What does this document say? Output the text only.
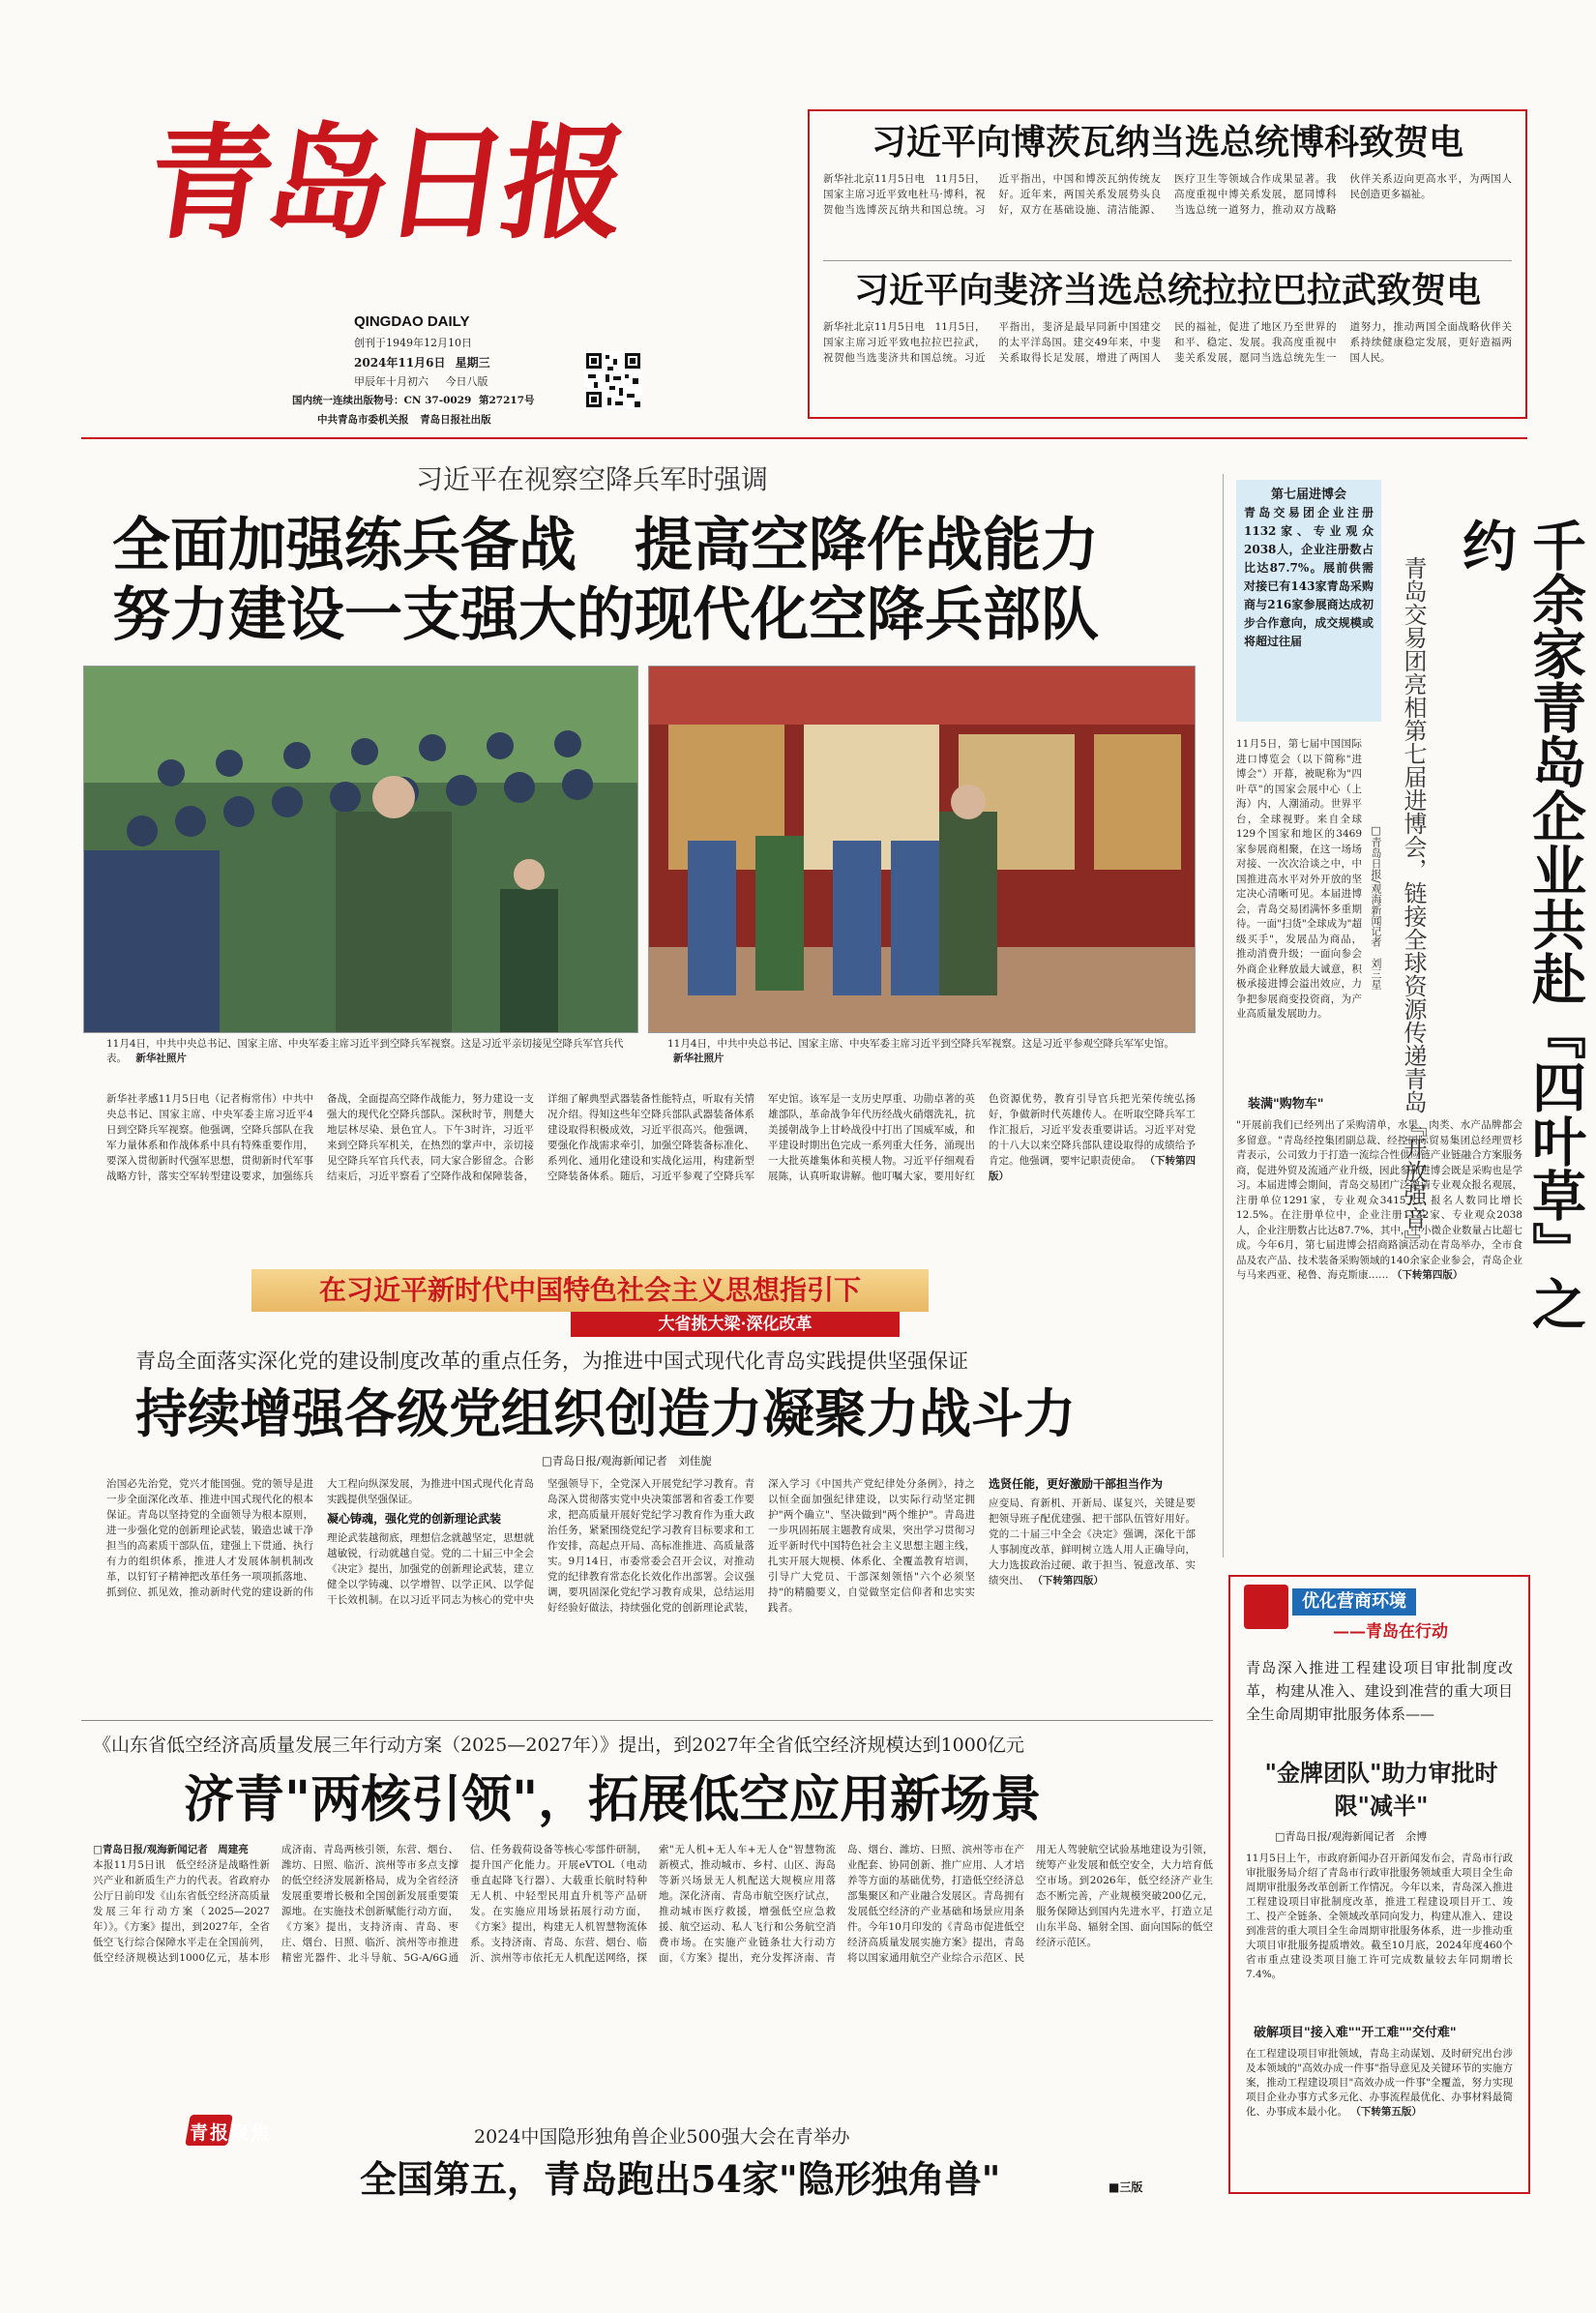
青岛日报
QINGDAO DAILY
创刊于1949年12月10日
2024年11月6日 星期三
甲辰年十月初六 今日八版
国内统一连续出版物号：CN 37-0029 第27217号
中共青岛市委机关报 青岛日报社出版
习近平向博茨瓦纳当选总统博科致贺电
新华社北京11月5日电　11月5日，国家主席习近平致电杜马·博科，祝贺他当选博茨瓦纳共和国总统。习近平指出，中国和博茨瓦纳传统友好。近年来，两国关系发展势头良好，双方在基础设施、清洁能源、医疗卫生等领域合作成果显著。我高度重视中博关系发展，愿同博科当选总统一道努力，推动双方战略伙伴关系迈向更高水平，为两国人民创造更多福祉。
习近平向斐济当选总统拉拉巴拉武致贺电
新华社北京11月5日电　11月5日，国家主席习近平致电拉拉巴拉武，祝贺他当选斐济共和国总统。习近平指出，斐济是最早同新中国建交的太平洋岛国。建交49年来，中斐关系取得长足发展，增进了两国人民的福祉，促进了地区乃至世界的和平、稳定、发展。我高度重视中斐关系发展，愿同当选总统先生一道努力，推动两国全面战略伙伴关系持续健康稳定发展，更好造福两国人民。
习近平在视察空降兵军时强调
全面加强练兵备战　提高空降作战能力
努力建设一支强大的现代化空降兵部队
11月4日，中共中央总书记、国家主席、中央军委主席习近平到空降兵军视察。这是习近平亲切接见空降兵军官兵代表。 新华社照片
11月4日，中共中央总书记、国家主席、中央军委主席习近平到空降兵军视察。这是习近平参观空降兵军军史馆。 新华社照片
新华社孝感11月5日电（记者梅常伟）中共中央总书记、国家主席、中央军委主席习近平4日到空降兵军视察。他强调，空降兵部队在我军力量体系和作战体系中具有特殊重要作用，要深入贯彻新时代强军思想，贯彻新时代军事战略方针，落实空军转型建设要求，加强练兵备战，全面提高空降作战能力，努力建设一支强大的现代化空降兵部队。深秋时节，荆楚大地层林尽染、景色宜人。下午3时许，习近平来到空降兵军机关，在热烈的掌声中，亲切接见空降兵军官兵代表，同大家合影留念。合影结束后，习近平察看了空降作战和保障装备，详细了解典型武器装备性能特点，听取有关情况介绍。得知这些年空降兵部队武器装备体系建设取得积极成效，习近平很高兴。他强调，要强化作战需求牵引，加强空降装备标准化、系列化、通用化建设和实战化运用，构建新型空降装备体系。随后，习近平参观了空降兵军军史馆。该军是一支历史厚重、功勋卓著的英雄部队，革命战争年代历经战火硝烟洗礼，抗美援朝战争上甘岭战役中打出了国威军威，和平建设时期出色完成一系列重大任务，涌现出一大批英雄集体和英模人物。习近平仔细观看展陈，认真听取讲解。他叮嘱大家，要用好红色资源优势，教育引导官兵把光荣传统弘扬好，争做新时代英雄传人。在听取空降兵军工作汇报后，习近平发表重要讲话。习近平对党的十八大以来空降兵部队建设取得的成绩给予肯定。他强调，要牢记职责使命。 （下转第四版）
第七届进博会
青岛交易团企业注册1132家、专业观众2038人，企业注册数占比达87.7%。展前供需对接已有143家青岛采购商与216家参展商达成初步合作意向，成交规模或将超过往届	千余家青岛企业共赴『四叶草』之约
青岛交易团亮相第七届进博会，链接全球资源传递青岛『开放强音』
□青岛日报/观海新闻记者　刘三星
11月5日，第七届中国国际进口博览会（以下简称"进博会"）开幕，被昵称为"四叶草"的国家会展中心（上海）内，人潮涌动。世界平台，全球视野。来自全球129个国家和地区的3469家参展商相聚，在这一场场对接、一次次洽谈之中，中国推进高水平对外开放的坚定决心清晰可见。本届进博会，青岛交易团满怀多重期待。一面"扫货"全球成为"超级买手"，发展品为商品，推动消费升级；一面向参会外商企业释放最大诚意，积极承接进博会溢出效应，力争把参展商变投资商，为产业高质量发展助力。
装满"购物车"
"开展前我们已经列出了采购清单，水果、肉类、水产品牌都会多留意。"青岛经控集团副总裁、经控国际贸易集团总经理贾杉青表示，公司致力于打造一流综合性供应链产业链融合方案服务商，促进外贸及流通产业升级，因此参加进博会既是采购也是学习。本届进博会期间，青岛交易团广泛邀请专业观众报名观展，注册单位1291家，专业观众3415人，报名人数同比增长12.5%。在注册单位中，企业注册1132家、专业观众2038人，企业注册数占比达87.7%，其中，中小微企业数量占比超七成。今年6月，第七届进博会招商路演活动在青岛举办，全市食品及农产品、技术装备采购领域的140余家企业参会，青岛企业与马来西亚、秘鲁、海克斯康…… （下转第四版）
在习近平新时代中国特色社会主义思想指引下
大省挑大梁·深化改革
青岛全面落实深化党的建设制度改革的重点任务，为推进中国式现代化青岛实践提供坚强保证
持续增强各级党组织创造力凝聚力战斗力
□青岛日报/观海新闻记者　刘佳旎
治国必先治党，党兴才能国强。党的领导是进一步全面深化改革、推进中国式现代化的根本保证。青岛以坚持党的全面领导为根本原则，进一步强化党的创新理论武装，锻造忠诚干净担当的高素质干部队伍，建强上下贯通、执行有力的组织体系，推进人才发展体制机制改革，以钉钉子精神把改革任务一项项抓落地、抓到位、抓见效，推动新时代党的建设新的伟大工程向纵深发展，为推进中国式现代化青岛实践提供坚强保证。
凝心铸魂，强化党的创新理论武装
理论武装越彻底，理想信念就越坚定，思想就越敏锐，行动就越自觉。党的二十届三中全会《决定》提出，加强党的创新理论武装，建立健全以学铸魂、以学增智、以学正风、以学促干长效机制。在以习近平同志为核心的党中央坚强领导下，全党深入开展党纪学习教育。青岛深入贯彻落实党中央决策部署和省委工作要求，把高质量开展好党纪学习教育作为重大政治任务，紧紧围绕党纪学习教育目标要求和工作安排，高起点开局、高标准推进、高质量落实。9月14日，市委常委会召开会议，对推动党的纪律教育常态化长效化作出部署。会议强调，要巩固深化党纪学习教育成果，总结运用好经验好做法，持续强化党的创新理论武装，深入学习《中国共产党纪律处分条例》，持之以恒全面加强纪律建设，以实际行动坚定拥护"两个确立"、坚决做到"两个维护"。青岛进一步巩固拓展主题教育成果，突出学习贯彻习近平新时代中国特色社会主义思想主题主线，扎实开展大规模、体系化、全覆盖教育培训，引导广大党员、干部深刻领悟"六个必须坚持"的精髓要义，自觉做坚定信仰者和忠实实践者。
选贤任能，更好激励干部担当作为
应变局、育新机、开新局、谋复兴，关键是要把领导班子配优建强、把干部队伍管好用好。党的二十届三中全会《决定》强调，深化干部人事制度改革，鲜明树立选人用人正确导向，大力选拔政治过硬、敢于担当、锐意改革、实绩突出、 （下转第四版）
《山东省低空经济高质量发展三年行动方案（2025—2027年）》提出，到2027年全省低空经济规模达到1000亿元
济青"两核引领"，拓展低空应用新场景
□青岛日报/观海新闻记者　周建亮
本报11月5日讯　低空经济是战略性新兴产业和新质生产力的代表。省政府办公厅日前印发《山东省低空经济高质量发展三年行动方案（2025—2027年）》。《方案》提出，到2027年，全省低空飞行综合保障水平走在全国前列，低空经济规模达到1000亿元，基本形成济南、青岛两核引领，东营、烟台、潍坊、日照、临沂、滨州等市多点支撑的低空经济发展新格局，成为全省经济发展重要增长极和全国创新发展重要策源地。在实施技术创新赋能行动方面，《方案》提出，支持济南、青岛、枣庄、烟台、日照、临沂、滨州等市推进精密光器件、北斗导航、5G-A/6G通信、任务载荷设备等核心零部件研制，提升国产化能力。开展eVTOL（电动垂直起降飞行器）、大载重长航时特种无人机、中轻型民用直升机等产品研发。在实施应用场景拓展行动方面，《方案》提出，构建无人机智慧物流体系。支持济南、青岛、东营、烟台、临沂、滨州等市依托无人机配送网络，探索"无人机+无人车+无人仓"智慧物流新模式，推动城市、乡村、山区、海岛等新兴场景无人机配送大规模应用落地。深化济南、青岛市航空医疗试点，推动城市医疗救援，增强低空应急救援、航空运动、私人飞行和公务航空消费市场。在实施产业链条壮大行动方面，《方案》提出，充分发挥济南、青岛、烟台、潍坊、日照、滨州等市在产业配套、协同创新、推广应用、人才培养等方面的基础优势，打造低空经济总部集聚区和产业融合发展区。青岛拥有发展低空经济的产业基础和场景应用条件。今年10月印发的《青岛市促进低空经济高质量发展实施方案》提出，青岛将以国家通用航空产业综合示范区、民用无人驾驶航空试验基地建设为引领，统筹产业发展和低空安全，大力培育低空市场。到2026年，低空经济产业生态不断完善，产业规模突破200亿元，服务保障达到国内先进水平，打造立足山东半岛、辐射全国、面向国际的低空经济示范区。
青报聚焦	2024中国隐形独角兽企业500强大会在青举办
全国第五，青岛跑出54家"隐形独角兽"	■三版
优化营商环境
——青岛在行动
青岛深入推进工程建设项目审批制度改革，构建从准入、建设到准营的重大项目全生命周期审批服务体系——
"金牌团队"助力审批时限"减半"
□青岛日报/观海新闻记者　余博
11月5日上午，市政府新闻办召开新闻发布会，青岛市行政审批服务局介绍了青岛市行政审批服务领域重大项目全生命周期审批服务改革创新工作情况。今年以来，青岛深入推进工程建设项目审批制度改革，推进工程建设项目开工、竣工、投产全链条、全领域改革同向发力，构建从准入、建设到准营的重大项目全生命周期审批服务体系，进一步推动重大项目审批服务提质增效。截至10月底，2024年度460个省市重点建设类项目施工许可完成数量较去年同期增长7.4%。
破解项目"接入难""开工难""交付难"
在工程建设项目审批领域，青岛主动谋划、及时研究出台涉及本领域的"高效办成一件事"指导意见及关键环节的实施方案，推动工程建设项目"高效办成一件事"全覆盖，努力实现项目企业办事方式多元化、办事流程最优化、办事材料最简化、办事成本最小化。 （下转第五版）
